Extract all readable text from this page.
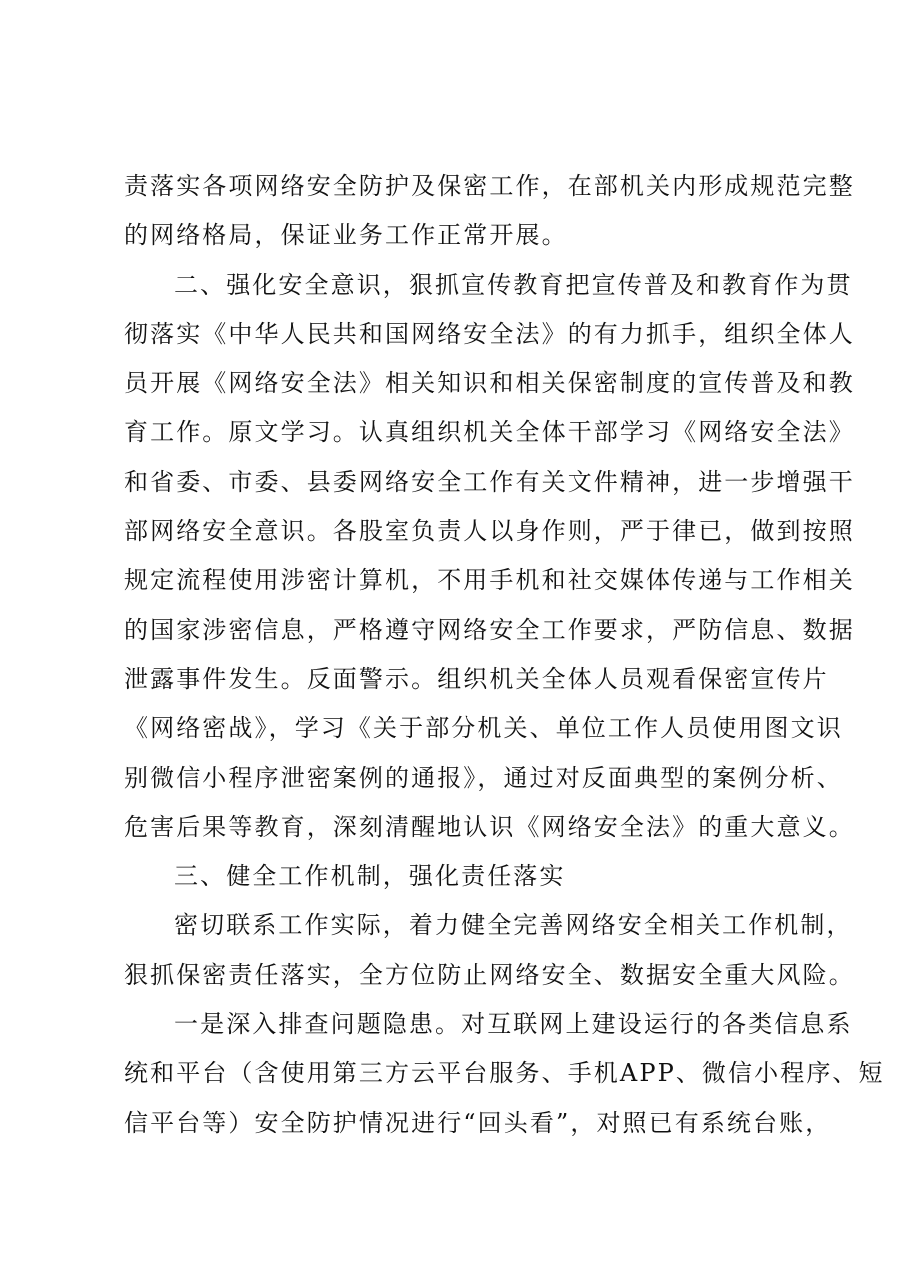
责落实各项网络安全防护及保密工作，在部机关内形成规范完整
的网络格局，保证业务工作正常开展。
二、强化安全意识，狠抓宣传教育把宣传普及和教育作为贯
彻落实《中华人民共和国网络安全法》的有力抓手，组织全体人
员开展《网络安全法》相关知识和相关保密制度的宣传普及和教
育工作。原文学习。认真组织机关全体干部学习《网络安全法》
和省委、市委、县委网络安全工作有关文件精神，进一步增强干
部网络安全意识。各股室负责人以身作则，严于律已，做到按照
规定流程使用涉密计算机，不用手机和社交媒体传递与工作相关
的国家涉密信息，严格遵守网络安全工作要求，严防信息、数据
泄露事件发生。反面警示。组织机关全体人员观看保密宣传片
《网络密战》，学习《关于部分机关、单位工作人员使用图文识
别微信小程序泄密案例的通报》，通过对反面典型的案例分析、
危害后果等教育，深刻清醒地认识《网络安全法》的重大意义。
三、健全工作机制，强化责任落实
密切联系工作实际，着力健全完善网络安全相关工作机制，
狠抓保密责任落实，全方位防止网络安全、数据安全重大风险。
一是深入排查问题隐患。对互联网上建设运行的各类信息系
统和平台（含使用第三方云平台服务、手机APP、微信小程序、短
信平台等）安全防护情况进行“回头看”，对照已有系统台账，
